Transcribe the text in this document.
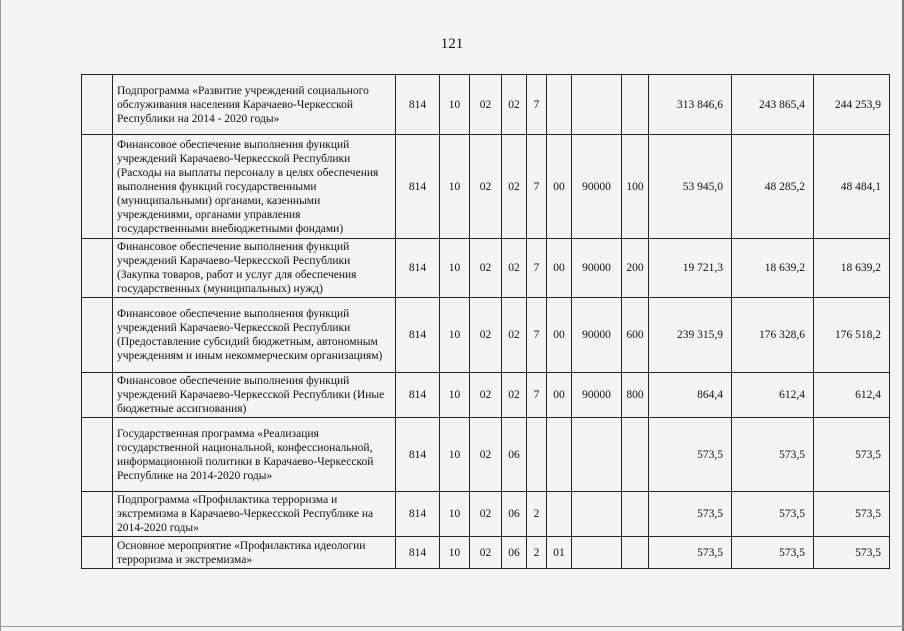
121
	Подпрограмма «Развитие учреждений социального обслуживания населения Карачаево-Черкесской Республики на 2014 - 2020 годы»	814	10	02	02	7				313 846,6	243 865,4	244 253,9
	Финансовое обеспечение выполнения функций учреждений Карачаево-Черкесской Республики (Расходы на выплаты персоналу в целях обеспечения выполнения функций государственными (муниципальными) органами, казенными учреждениями, органами управления государственными внебюджетными фондами)	814	10	02	02	7	00	90000	100	53 945,0	48 285,2	48 484,1
	Финансовое обеспечение выполнения функций учреждений Карачаево-Черкесской Республики (Закупка товаров, работ и услуг для обеспечения государственных (муниципальных) нужд)	814	10	02	02	7	00	90000	200	19 721,3	18 639,2	18 639,2
	Финансовое обеспечение выполнения функций учреждений Карачаево-Черкесской Республики (Предоставление субсидий бюджетным, автономным учреждениям и иным некоммерческим организациям)	814	10	02	02	7	00	90000	600	239 315,9	176 328,6	176 518,2
	Финансовое обеспечение выполнения функций учреждений Карачаево-Черкесской Республики (Иные бюджетные ассигнования)	814	10	02	02	7	00	90000	800	864,4	612,4	612,4
	Государственная программа «Реализация государственной национальной, конфессиональной, информационной политики в Карачаево-Черкесской Республике на 2014-2020 годы»	814	10	02	06					573,5	573,5	573,5
	Подпрограмма «Профилактика терроризма и экстремизма в Карачаево-Черкесской Республике на 2014-2020 годы»	814	10	02	06	2				573,5	573,5	573,5
	Основное мероприятие «Профилактика идеологии терроризма и экстремизма»	814	10	02	06	2	01			573,5	573,5	573,5
